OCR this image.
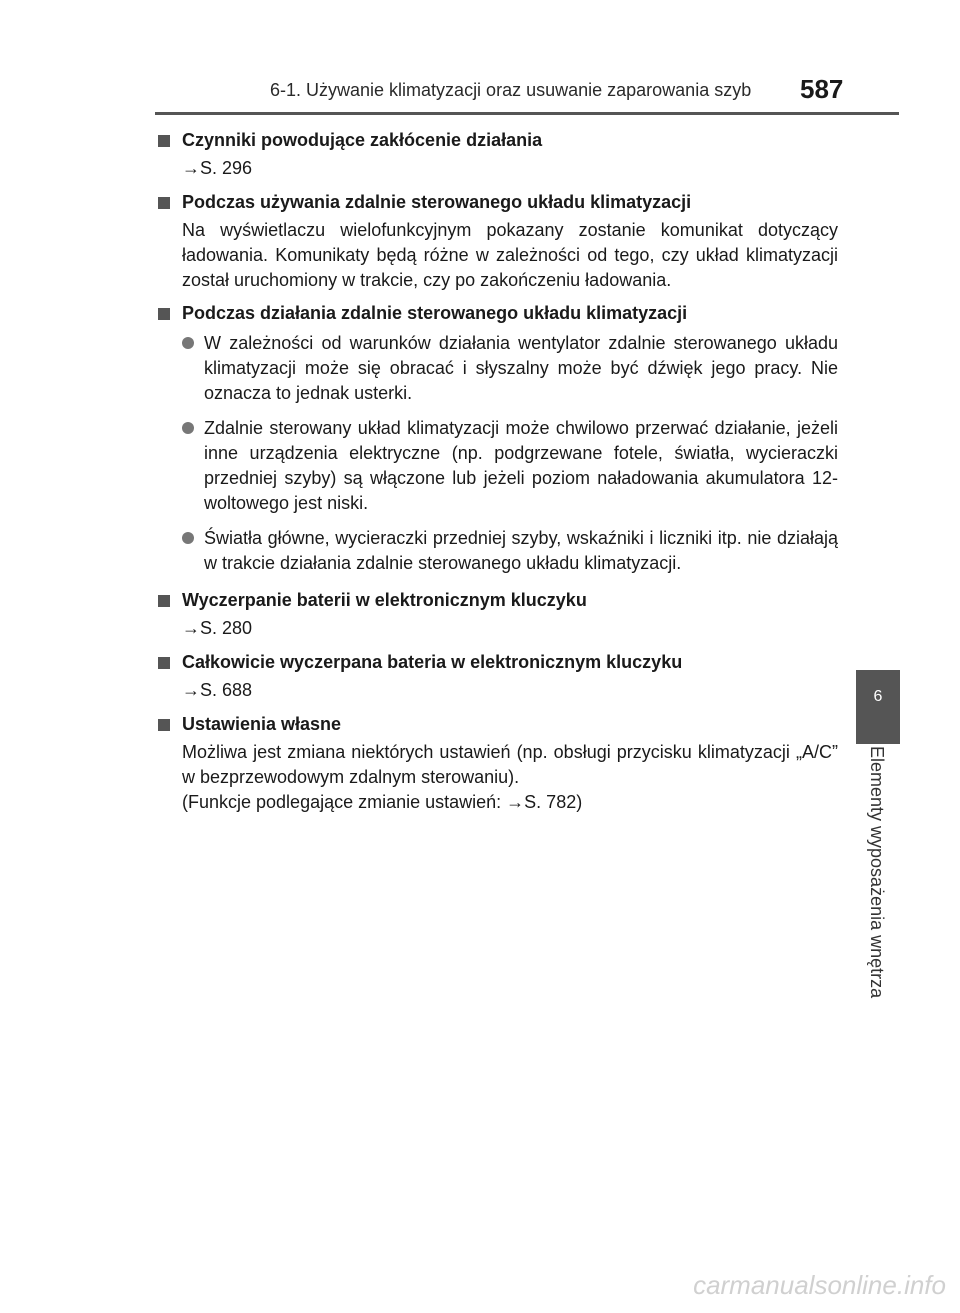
6-1. Używanie klimatyzacji oraz usuwanie zaparowania szyb 587
6
Elementy wyposażenia wnętrza
Czynniki powodujące zakłócenie działania
→S. 296
Podczas używania zdalnie sterowanego układu klimatyzacji
Na wyświetlaczu wielofunkcyjnym pokazany zostanie komunikat dotyczący ładowania. Komunikaty będą różne w zależności od tego, czy układ klimatyzacji został uruchomiony w trakcie, czy po zakończeniu ładowania.
Podczas działania zdalnie sterowanego układu klimatyzacji
W zależności od warunków działania wentylator zdalnie sterowanego układu klimatyzacji może się obracać i słyszalny może być dźwięk jego pracy. Nie oznacza to jednak usterki.
Zdalnie sterowany układ klimatyzacji może chwilowo przerwać działanie, jeżeli inne urządzenia elektryczne (np. podgrzewane fotele, światła, wycieraczki przedniej szyby) są włączone lub jeżeli poziom naładowania akumulatora 12-woltowego jest niski.
Światła główne, wycieraczki przedniej szyby, wskaźniki i liczniki itp. nie działają w trakcie działania zdalnie sterowanego układu klimatyzacji.
Wyczerpanie baterii w elektronicznym kluczyku
→S. 280
Całkowicie wyczerpana bateria w elektronicznym kluczyku
→S. 688
Ustawienia własne
Możliwa jest zmiana niektórych ustawień (np. obsługi przycisku klimatyzacji „A/C” w bezprzewodowym zdalnym sterowaniu).
(Funkcje podlegające zmianie ustawień: →S. 782)
carmanualsonline.info
